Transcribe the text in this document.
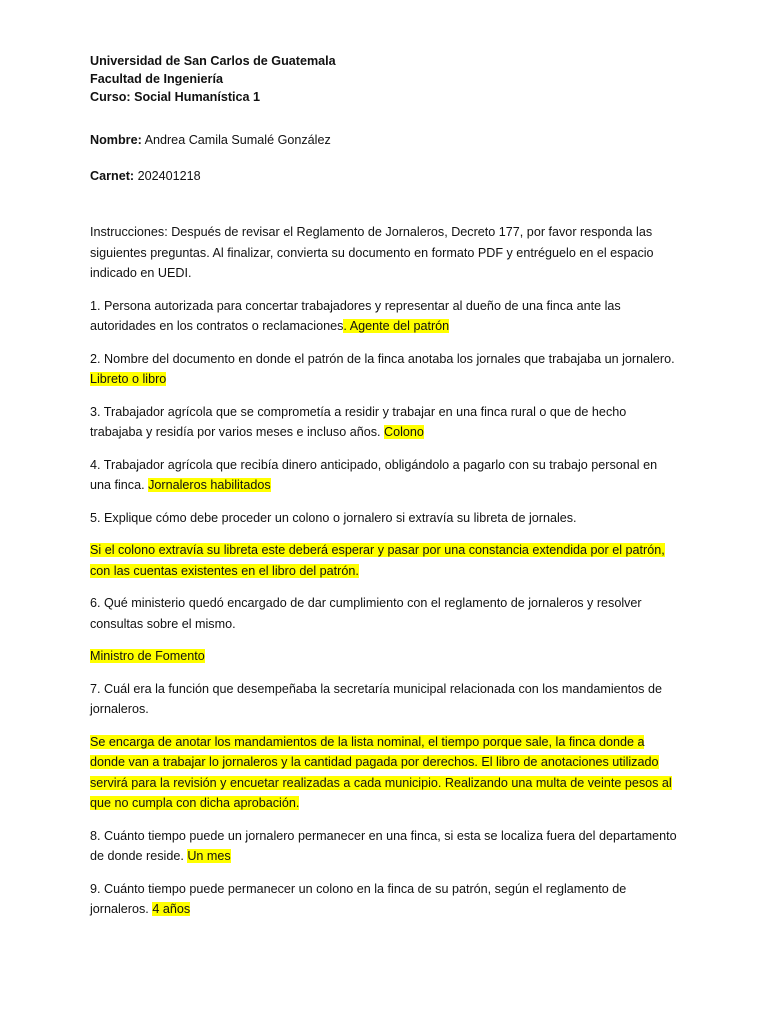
Universidad de San Carlos de Guatemala
Facultad de Ingeniería
Curso: Social Humanística 1

Nombre: Andrea Camila Sumalé González

Carnet: 202401218

Instrucciones: Después de revisar el Reglamento de Jornaleros, Decreto 177, por favor responda las siguientes preguntas. Al finalizar, convierta su documento en formato PDF y entréguelo en el espacio indicado en UEDI.

1. Persona autorizada para concertar trabajadores y representar al dueño de una finca ante las autoridades en los contratos o reclamaciones. Agente del patrón

2. Nombre del documento en donde el patrón de la finca anotaba los jornales que trabajaba un jornalero. Libreto o libro

3. Trabajador agrícola que se comprometía a residir y trabajar en una finca rural o que de hecho trabajaba y residía por varios meses e incluso años. Colono

4. Trabajador agrícola que recibía dinero anticipado, obligándolo a pagarlo con su trabajo personal en una finca. Jornaleros habilitados

5. Explique cómo debe proceder un colono o jornalero si extravía su libreta de jornales.

Si el colono extravía su libreta este deberá esperar y pasar por una constancia extendida por el patrón, con las cuentas existentes en el libro del patrón.

6. Qué ministerio quedó encargado de dar cumplimiento con el reglamento de jornaleros y resolver consultas sobre el mismo.

Ministro de Fomento

7. Cuál era la función que desempeñaba la secretaría municipal relacionada con los mandamientos de jornaleros.

Se encarga de anotar los mandamientos de la lista nominal, el tiempo porque sale, la finca donde a donde van a trabajar lo jornaleros y la cantidad pagada por derechos. El libro de anotaciones utilizado servirá para la revisión y encuetar realizadas a cada municipio. Realizando una multa de veinte pesos al que no cumpla con dicha aprobación.

8. Cuánto tiempo puede un jornalero permanecer en una finca, si esta se localiza fuera del departamento de donde reside. Un mes

9. Cuánto tiempo puede permanecer un colono en la finca de su patrón, según el reglamento de jornaleros. 4 años
